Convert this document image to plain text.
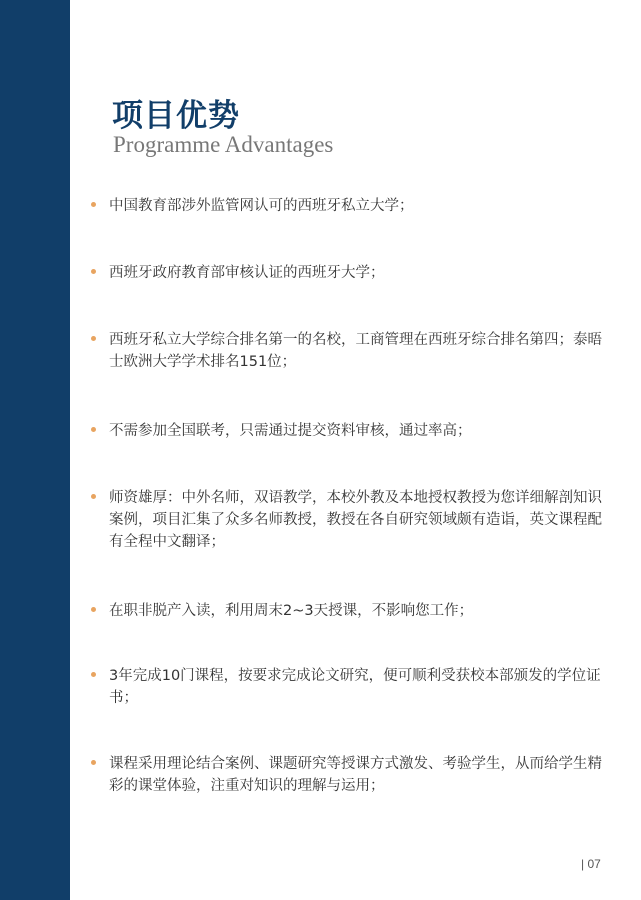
项目优势
Programme Advantages
中国教育部涉外监管网认可的西班牙私立大学；
西班牙政府教育部审核认证的西班牙大学；
西班牙私立大学综合排名第一的名校，工商管理在西班牙综合排名第四；泰晤士欧洲大学学术排名151位；
不需参加全国联考，只需通过提交资料审核，通过率高；
师资雄厚：中外名师，双语教学，本校外教及本地授权教授为您详细解剖知识案例，项目汇集了众多名师教授，教授在各自研究领域颇有造诣，英文课程配有全程中文翻译；
在职非脱产入读，利用周末2~3天授课，不影响您工作；
3年完成10门课程，按要求完成论文研究，便可顺利受获校本部颁发的学位证书；
课程采用理论结合案例、课题研究等授课方式激发、考验学生，从而给学生精彩的课堂体验，注重对知识的理解与运用；
| 07
